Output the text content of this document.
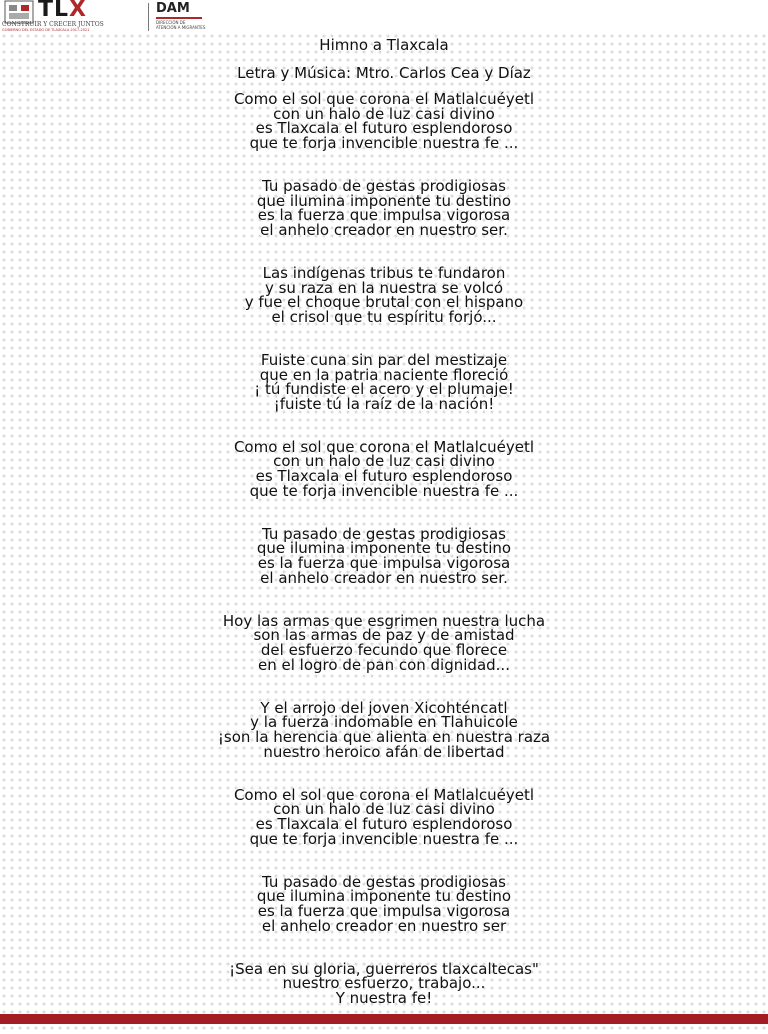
TLX
CONSTRUIR Y CRECER JUNTOS
GOBIERNO DEL ESTADO DE TLAXCALA 2017-2021
DAM
DIRECCIÓN DE
ATENCIÓN A MIGRANTES
Himno a Tlaxcala
Letra y Música: Mtro. Carlos Cea y Díaz
Como el sol que corona el Matlalcuéyetl
con un halo de luz casi divino
es Tlaxcala el futuro esplendoroso
que te forja invencible nuestra fe ...
Tu pasado de gestas prodigiosas
que ilumina imponente tu destino
es la fuerza que impulsa vigorosa
el anhelo creador en nuestro ser.
Las indígenas tribus te fundaron
y su raza en la nuestra se volcó
y fue el choque brutal con el hispano
el crisol que tu espíritu forjó...
Fuiste cuna sin par del mestizaje
que en la patria naciente floreció
¡ tú fundiste el acero y el plumaje!
¡fuiste tú la raíz de la nación!
Como el sol que corona el Matlalcuéyetl
con un halo de luz casi divino
es Tlaxcala el futuro esplendoroso
que te forja invencible nuestra fe ...
Tu pasado de gestas prodigiosas
que ilumina imponente tu destino
es la fuerza que impulsa vigorosa
el anhelo creador en nuestro ser.
Hoy las armas que esgrimen nuestra lucha
son las armas de paz y de amistad
del esfuerzo fecundo que florece
en el logro de pan con dignidad...
Y el arrojo del joven Xicohténcatl
y la fuerza indomable en Tlahuicole
¡son la herencia que alienta en nuestra raza
nuestro heroico afán de libertad
Como el sol que corona el Matlalcuéyetl
con un halo de luz casi divino
es Tlaxcala el futuro esplendoroso
que te forja invencible nuestra fe ...
Tu pasado de gestas prodigiosas
que ilumina imponente tu destino
es la fuerza que impulsa vigorosa
el anhelo creador en nuestro ser
¡Sea en su gloria, guerreros tlaxcaltecas"
nuestro esfuerzo, trabajo...
Y nuestra fe!
